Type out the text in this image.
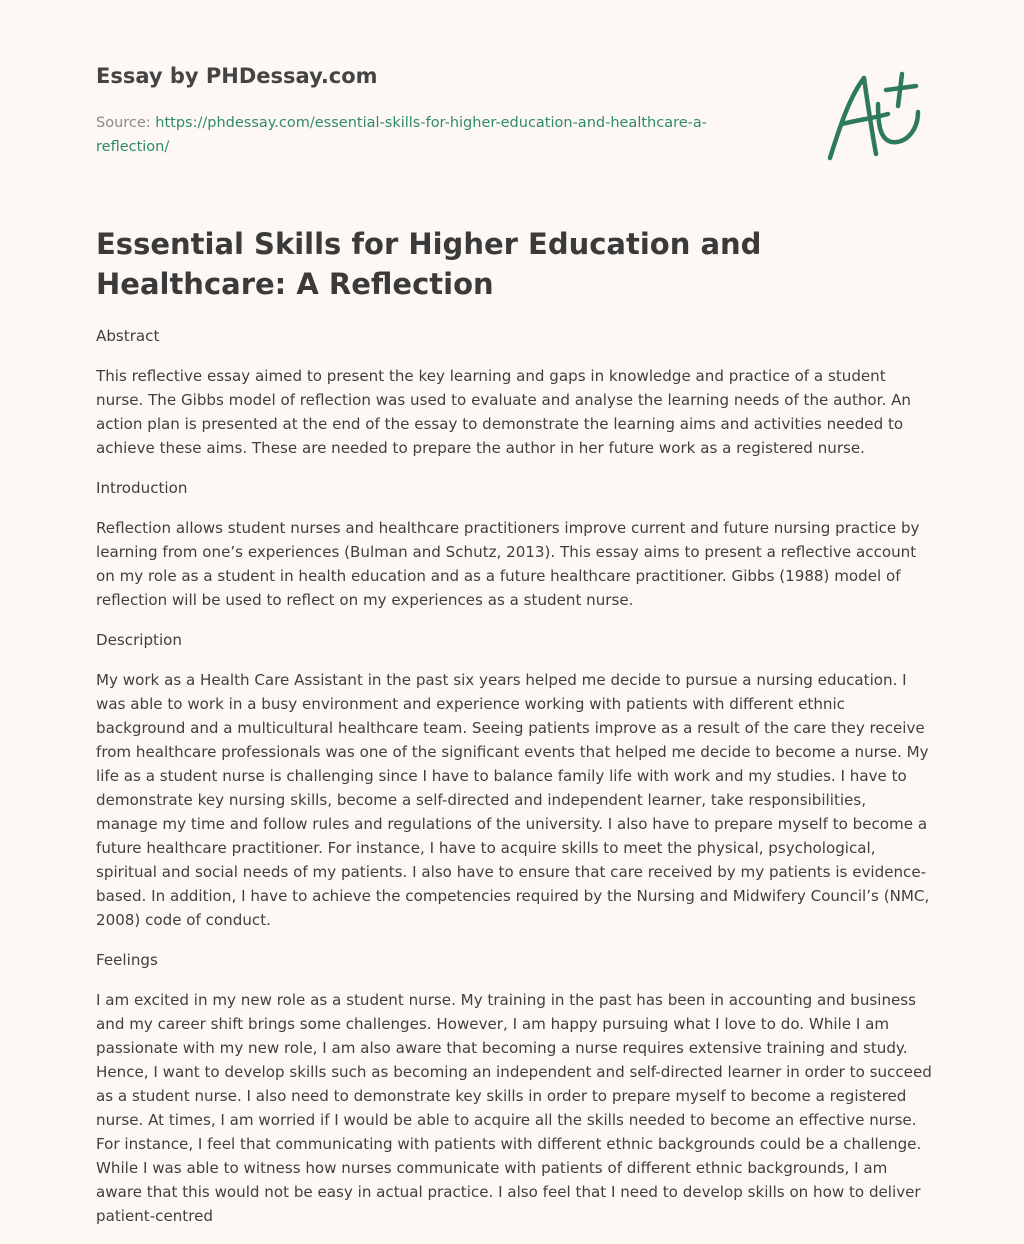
Essay by PHDessay.com
Source: https://phdessay.com/essential-skills-for-higher-education-and-healthcare-a-reflection/
Essential Skills for Higher Education and Healthcare: A Reflection

Abstract

This reflective essay aimed to present the key learning and gaps in knowledge and practice of a student nurse. The Gibbs model of reflection was used to evaluate and analyse the learning needs of the author. An action plan is presented at the end of the essay to demonstrate the learning aims and activities needed to achieve these aims. These are needed to prepare the author in her future work as a registered nurse.

Introduction

Reflection allows student nurses and healthcare practitioners improve current and future nursing practice by learning from one’s experiences (Bulman and Schutz, 2013). This essay aims to present a reflective account on my role as a student in health education and as a future healthcare practitioner. Gibbs (1988) model of reflection will be used to reflect on my experiences as a student nurse.

Description

My work as a Health Care Assistant in the past six years helped me decide to pursue a nursing education. I was able to work in a busy environment and experience working with patients with different ethnic background and a multicultural healthcare team. Seeing patients improve as a result of the care they receive from healthcare professionals was one of the significant events that helped me decide to become a nurse. My life as a student nurse is challenging since I have to balance family life with work and my studies. I have to demonstrate key nursing skills, become a self-directed and independent learner, take responsibilities, manage my time and follow rules and regulations of the university. I also have to prepare myself to become a future healthcare practitioner. For instance, I have to acquire skills to meet the physical, psychological, spiritual and social needs of my patients. I also have to ensure that care received by my patients is evidence-based. In addition, I have to achieve the competencies required by the Nursing and Midwifery Council’s (NMC, 2008) code of conduct.

Feelings

I am excited in my new role as a student nurse. My training in the past has been in accounting and business and my career shift brings some challenges. However, I am happy pursuing what I love to do. While I am passionate with my new role, I am also aware that becoming a nurse requires extensive training and study. Hence, I want to develop skills such as becoming an independent and self-directed learner in order to succeed as a student nurse. I also need to demonstrate key skills in order to prepare myself to become a registered nurse. At times, I am worried if I would be able to acquire all the skills needed to become an effective nurse. For instance, I feel that communicating with patients with different ethnic backgrounds could be a challenge. While I was able to witness how nurses communicate with patients of different ethnic backgrounds, I am aware that this would not be easy in actual practice. I also feel that I need to develop skills on how to deliver patient-centred
